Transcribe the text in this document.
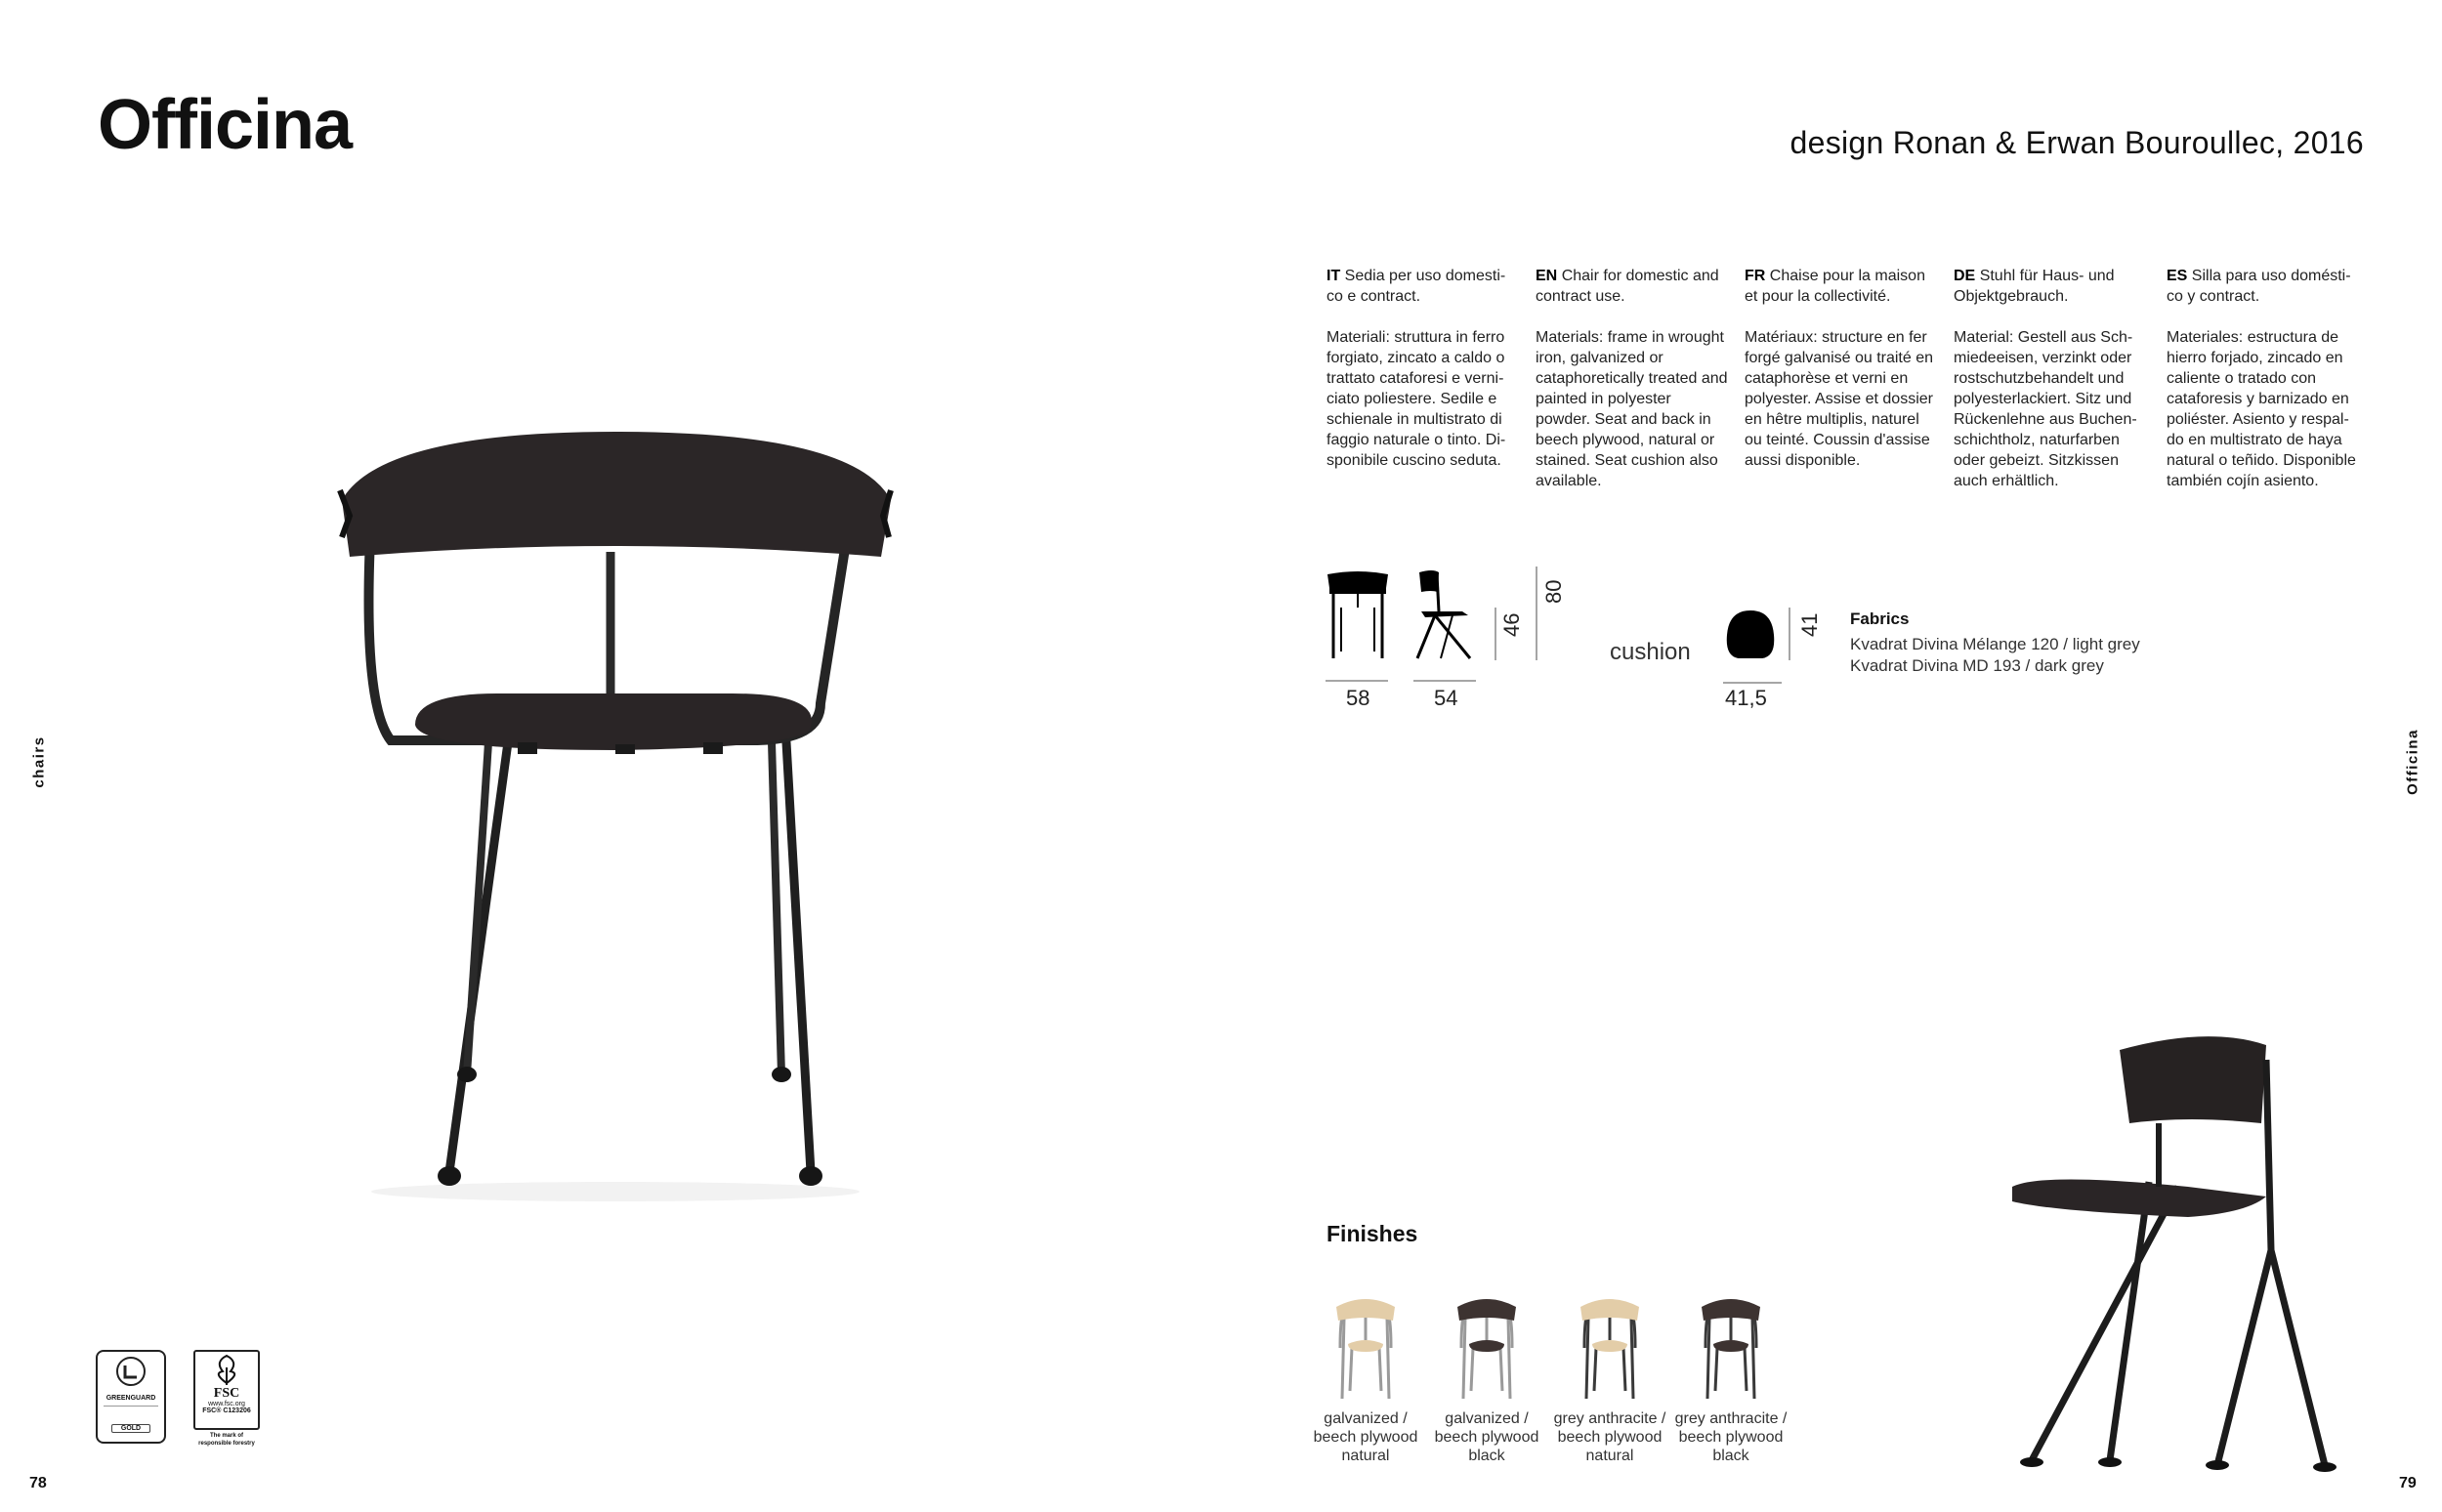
Officina	design Ronan & Erwan Bouroullec, 2016
chairs	Officina
78	79

IT Sedia per uso domesti-co e contract.

Materiali: struttura in ferro forgiato, zincato a caldo o trattato cataforesi e verni-ciato poliestere. Sedile e schienale in multistrato di faggio naturale o tinto. Di-sponibile cuscino seduta.

EN Chair for domestic and contract use.

Materials: frame in wrought iron, galvanized or cataphoretically treated and painted in polyester powder. Seat and back in beech plywood, natural or stained. Seat cushion also available.

FR Chaise pour la maison et pour la collectivité.

Matériaux: structure en fer forgé galvanisé ou traité en cataphorèse et verni en polyester. Assise et dossier en hêtre multiplis, naturel ou teinté. Coussin d'assise aussi disponible.

DE Stuhl für Haus- und Objektgebrauch.

Material: Gestell aus Sch-miedeeisen, verzinkt oder rostschutzbehandelt und polyesterlackiert. Sitz und Rückenlehne aus Buchen-schichtholz, naturfarben oder gebeizt. Sitzkissen auch erhältlich.

ES Silla para uso domésti-co y contract.

Materiales: estructura de hierro forjado, zincado en caliente o tratado con cataforesis y barnizado en poliéster. Asiento y respal-do en multistrato de haya natural o teñido. Disponible también cojín asiento.

58	54
46
80
cushion
41,5
41 Fabrics
Kvadrat Divina Mélange 120 / light grey
Kvadrat Divina MD 193 / dark grey
Finishes
galvanized /
beech plywood
natural
galvanized /
beech plywood
black
grey anthracite /
beech plywood
natural
grey anthracite /
beech plywood
black
GREENGUARD
GOLD
FSC
www.fsc.org
FSC® C123206
The mark of responsible forestry
